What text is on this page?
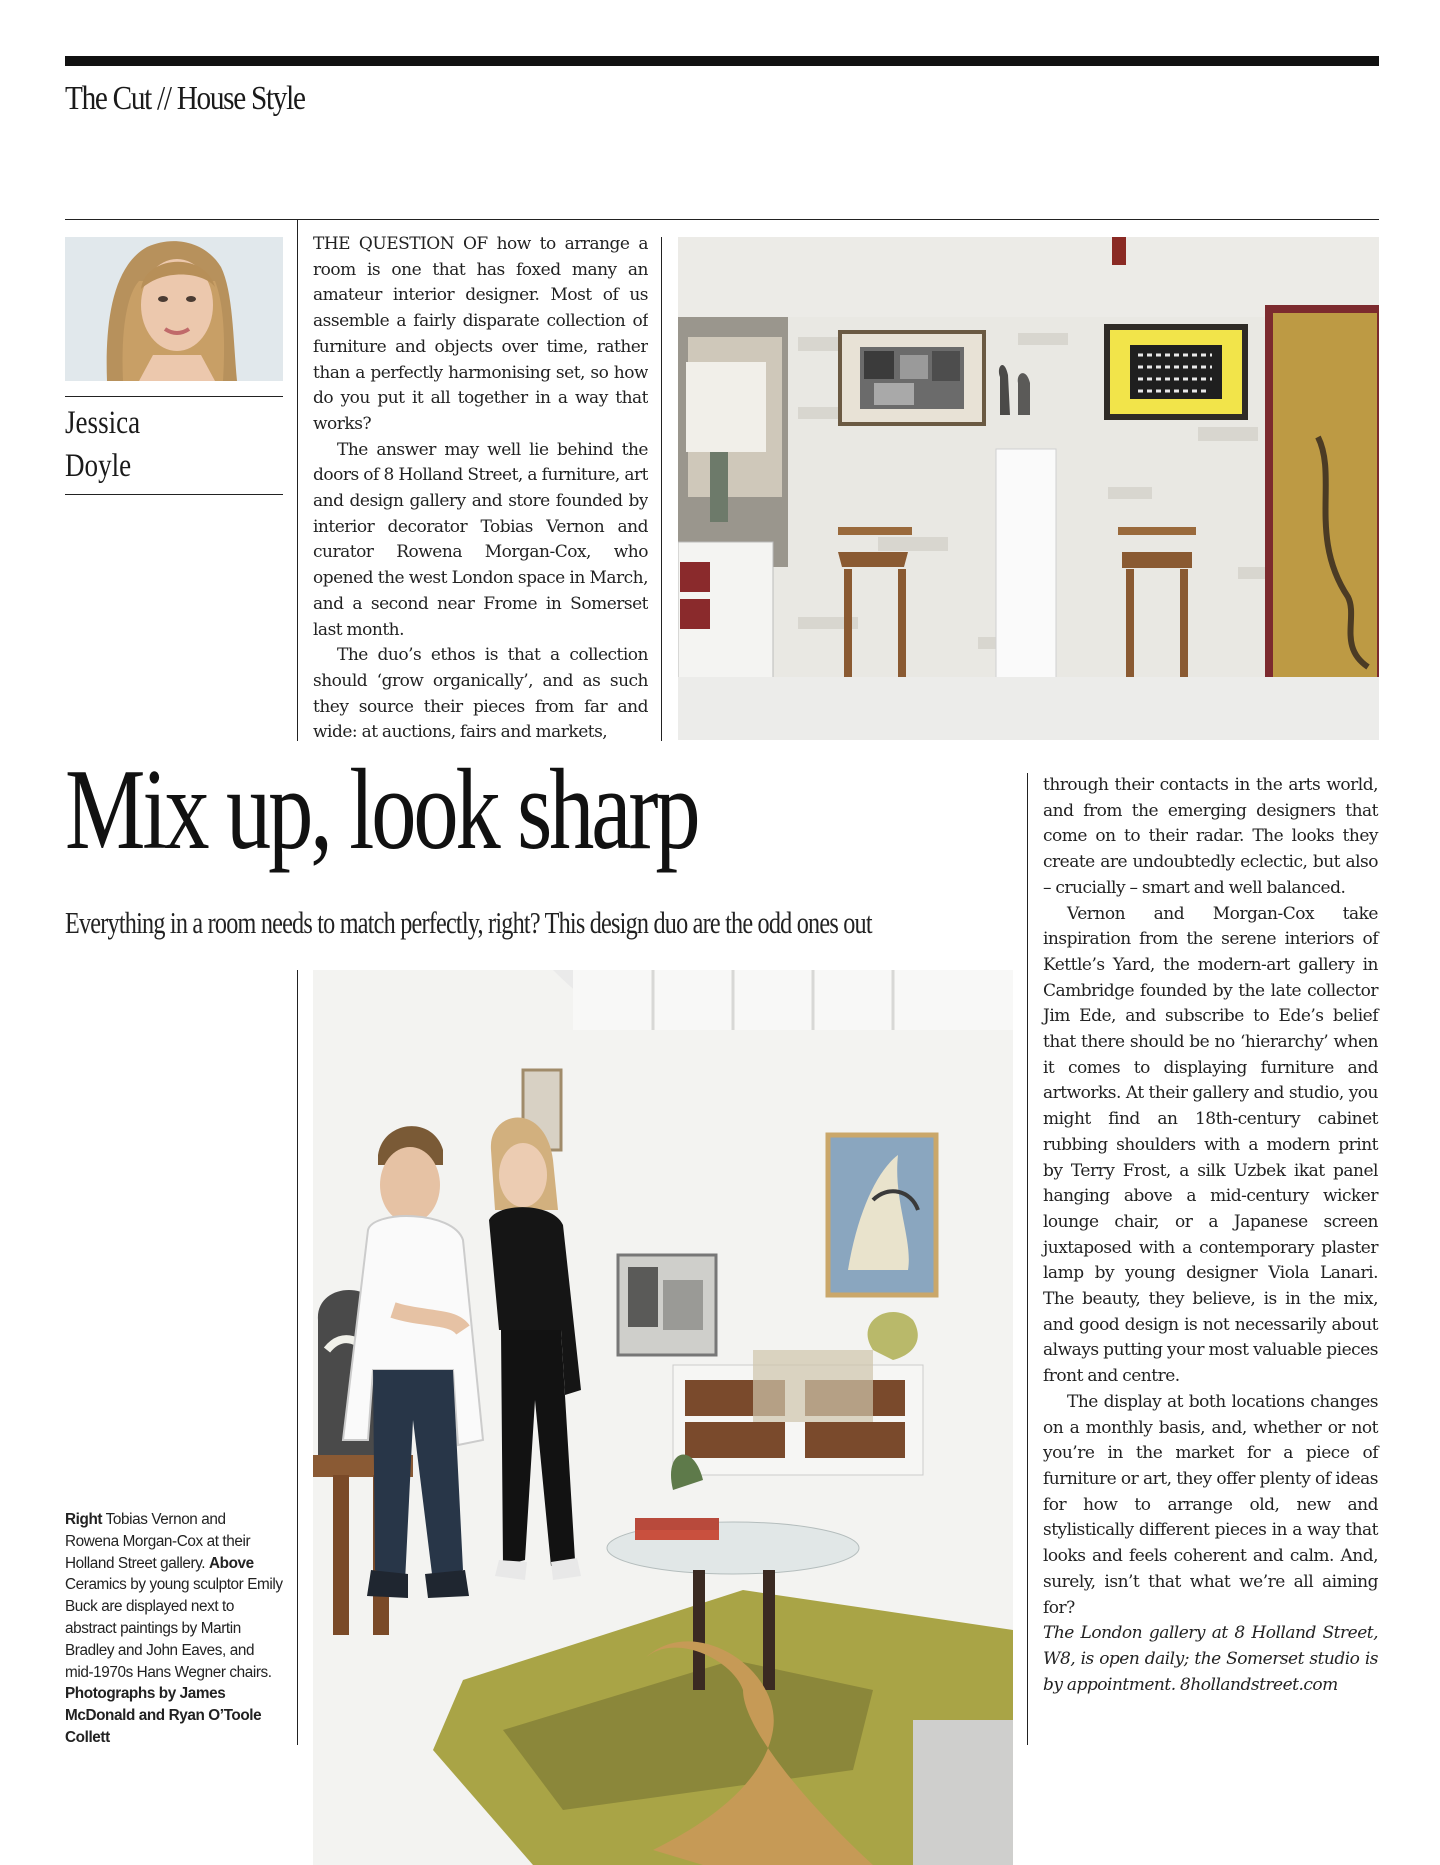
The Cut // House Style
Jessica
Doyle

THE QUESTION OF how to arrange a room is one that has foxed many an amateur interior designer. Most of us assemble a fairly disparate collection of furniture and objects over time, rather than a perfectly harmonising set, so how do you put it all together in a way that works?

The answer may well lie behind the doors of 8 Holland Street, a furniture, art and design gallery and store founded by interior decorator Tobias Vernon and curator Rowena Morgan-Cox, who opened the west London space in March, and a second near Frome in Somerset last month.

The duo’s ethos is that a collection should ‘grow organically’, and as such they source their pieces from far and wide: at auctions, fairs and markets,

Mix up, look sharp
Everything in a room needs to match perfectly, right? This design duo are the odd ones out
Right Tobias Vernon and Rowena Morgan-Cox at their Holland Street gallery. Above Ceramics by young sculptor Emily Buck are displayed next to abstract paintings by Martin Bradley and John Eaves, and mid-1970s Hans Wegner chairs. Photographs by James McDonald and Ryan O’Toole Collett

through their contacts in the arts world, and from the emerging designers that come on to their radar. The looks they create are undoubtedly eclectic, but also – crucially – smart and well balanced.

Vernon and Morgan-Cox take inspiration from the serene interiors of Kettle’s Yard, the modern-art gallery in Cambridge founded by the late collector Jim Ede, and subscribe to Ede’s belief that there should be no ‘hierarchy’ when it comes to displaying furniture and artworks. At their gallery and studio, you might find an 18th-century cabinet rubbing shoulders with a modern print by Terry Frost, a silk Uzbek ikat panel hanging above a mid-century wicker lounge chair, or a Japanese screen juxtaposed with a contemporary plaster lamp by young designer Viola Lanari. The beauty, they believe, is in the mix, and good design is not necessarily about always putting your most valuable pieces front and centre.

The display at both locations changes on a monthly basis, and, whether or not you’re in the market for a piece of furniture or art, they offer plenty of ideas for how to arrange old, new and stylistically different pieces in a way that looks and feels coherent and calm. And, surely, isn’t that what we’re all aiming for?

The London gallery at 8 Holland Street, W8, is open daily; the Somerset studio is by appointment. 8hollandstreet.com
